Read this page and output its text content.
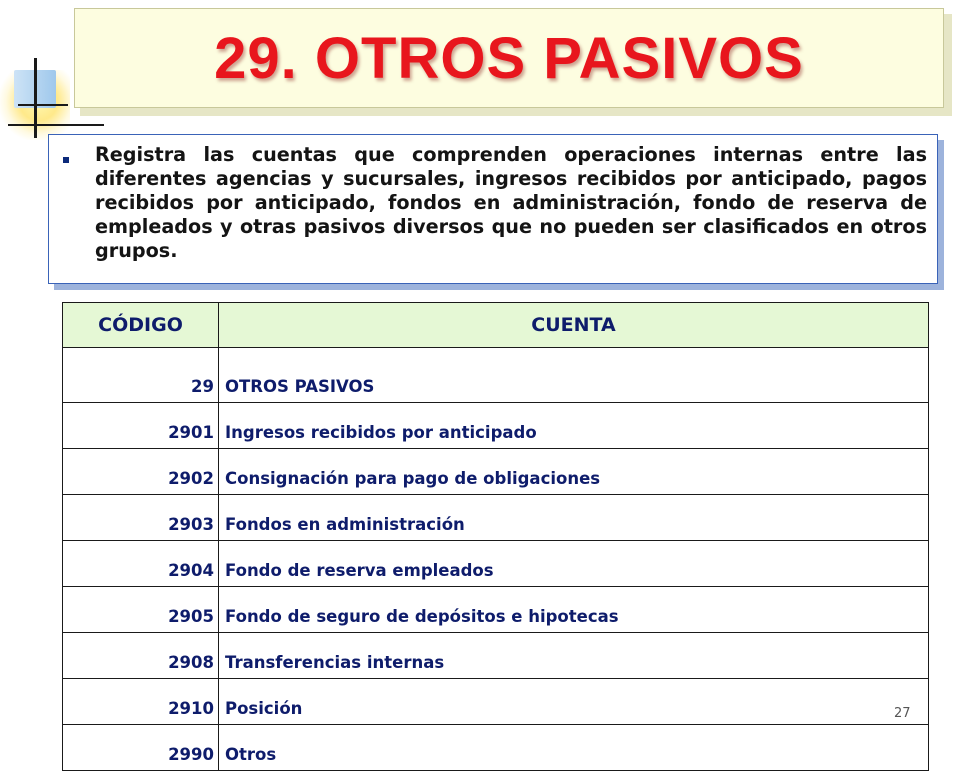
29. OTROS PASIVOS

Registra las cuentas que comprenden operaciones internas entre las diferentes agencias y sucursales, ingresos recibidos por anticipado, pagos recibidos por anticipado, fondos en administración, fondo de reserva de empleados y otras pasivos diversos que no pueden ser clasificados en otros grupos.

CÓDIGO	CUENTA
29	OTROS PASIVOS
2901	Ingresos recibidos por anticipado
2902	Consignación para pago de obligaciones
2903	Fondos en administración
2904	Fondo de reserva empleados
2905	Fondo de seguro de depósitos e hipotecas
2908	Transferencias internas
2910	Posición
2990	Otros
27
